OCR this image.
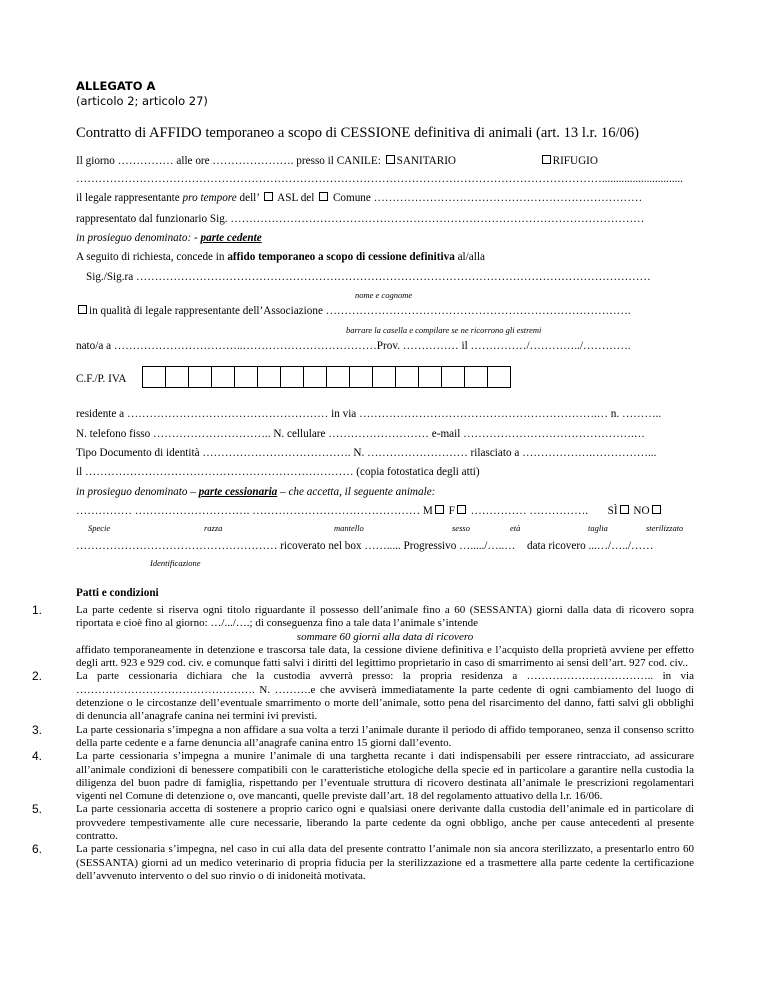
ALLEGATO A
(articolo 2; articolo 27)
Contratto di AFFIDO temporaneo a scopo di CESSIONE definitiva di animali (art. 13 l.r. 16/06)
Il giorno …………… alle ore …………………. presso il CANILE: SANITARIO	RIFUGIO
…………………………………………………………………………………………………………………………….............................
il legale rappresentante pro tempore dell’ ASL del Comune ………………………………………………………………
rappresentato dal funzionario Sig. …………………………………………………………………………………………………
in prosieguo denominato: - parte cedente
A seguito di richiesta, concede in affido temporaneo a scopo di cessione definitiva al/alla
Sig./Sig.ra …………………………………………………………………………………………………………………………
nome e cognome
in qualità di legale rappresentante dell’Associazione ……………………………………………………………………….
barrare la casella e compilare se ne ricorrono gli estremi
nato/a a ……………………………..………………………………Prov. …………… il ……………/…………../………….
C.F./P. IVA

residente a ……………………………………………… in via ……………………………………………………….… n. ………..
N. telefono fisso ………………………….. N. cellulare ……………………… e-mail ……………………………………….…
Tipo Documento di identità …………………………………. N. ……………………… rilasciato a ……………….……………...
il ……………………………………………………………… (copia fotostatica degli atti)
in prosieguo denominato – parte cessionaria – che accetta, il seguente animale:
…………… …………………………. ……………………………………… M F …………… ……………. SÌ NO
Specie	razza	mantello	sesso	età	taglia	sterilizzato
……………………………………………… ricoverato nel box ……..... Progressivo …...../…..… data ricovero ...…/…../……
Identificazione
Patti e condizioni
1.	La parte cedente si riserva ogni titolo riguardante il possesso dell’animale fino a 60 (SESSANTA) giorni dalla data di ricovero sopra riportata e cioè fino al giorno: …/.../….; di conseguenza fino a tale data l’animale s’intende
sommare 60 giorni alla data di ricovero
affidato temporaneamente in detenzione e trascorsa tale data, la cessione diviene definitiva e l’acquisto della proprietà avviene per effetto degli artt. 923 e 929 cod. civ. e comunque fatti salvi i diritti del legittimo proprietario in caso di smarrimento ai sensi dell’art. 927 cod. civ..
2.	La parte cessionaria dichiara che la custodia avverrà presso: la propria residenza a …………………………….. in via …………………………………………. N. ……….e che avviserà immediatamente la parte cedente di ogni cambiamento del luogo di detenzione o le circostanze dell’eventuale smarrimento o morte dell’animale, sotto pena del risarcimento del danno, fatti salvi gli obblighi di denuncia all’anagrafe canina nei termini ivi previsti.
3.	La parte cessionaria s’impegna a non affidare a sua volta a terzi l’animale durante il periodo di affido temporaneo, senza il consenso scritto della parte cedente e a farne denuncia all’anagrafe canina entro 15 giorni dall’evento.
4.	La parte cessionaria s’impegna a munire l’animale di una targhetta recante i dati indispensabili per essere rintracciato, ad assicurare all’animale condizioni di benessere compatibili con le caratteristiche etologiche della specie ed in particolare a garantire nella custodia la diligenza del buon padre di famiglia, rispettando per l’eventuale struttura di ricovero destinata all’animale le prescrizioni regolamentari vigenti nel Comune di detenzione o, ove mancanti, quelle previste dall’art. 18 del regolamento attuativo della l.r. 16/06.
5.	La parte cessionaria accetta di sostenere a proprio carico ogni e qualsiasi onere derivante dalla custodia dell’animale ed in particolare di provvedere tempestivamente alle cure necessarie, liberando la parte cedente da ogni obbligo, anche per cause antecedenti al presente contratto.
6.	La parte cessionaria s’impegna, nel caso in cui alla data del presente contratto l’animale non sia ancora sterilizzato, a presentarlo entro 60 (SESSANTA) giorni ad un medico veterinario di propria fiducia per la sterilizzazione ed a trasmettere alla parte cedente la certificazione dell’avvenuto intervento o del suo rinvio o di inidoneità motivata.
